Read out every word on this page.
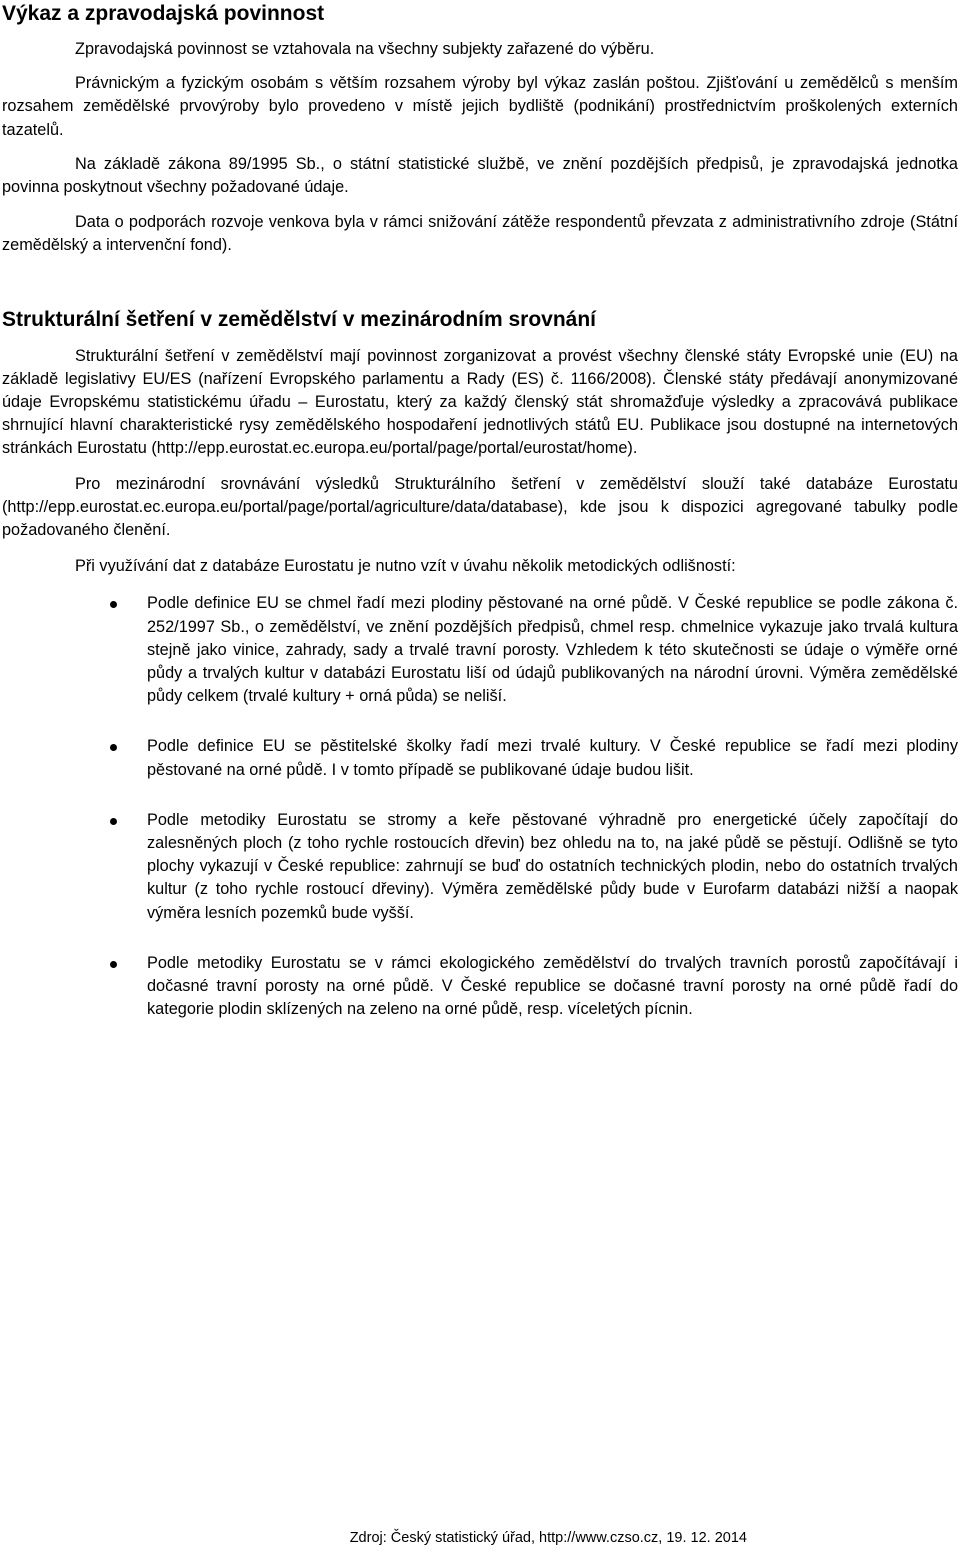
Výkaz a zpravodajská povinnost

Zpravodajská povinnost se vztahovala na všechny subjekty zařazené do výběru.

Právnickým a fyzickým osobám s větším rozsahem výroby byl výkaz zaslán poštou. Zjišťování u zemědělců s menším rozsahem zemědělské prvovýroby bylo provedeno v místě jejich bydliště (podnikání) prostřednictvím proškolených externích tazatelů.

Na základě zákona 89/1995 Sb., o státní statistické službě, ve znění pozdějších předpisů, je zpravodajská jednotka povinna poskytnout všechny požadované údaje.

Data o podporách rozvoje venkova byla v rámci snižování zátěže respondentů převzata z administrativního zdroje (Státní zemědělský a intervenční fond).

Strukturální šetření v zemědělství v mezinárodním srovnání

Strukturální šetření v zemědělství mají povinnost zorganizovat a provést všechny členské státy Evropské unie (EU) na základě legislativy EU/ES (nařízení Evropského parlamentu a Rady (ES) č. 1166/2008). Členské státy předávají anonymizované údaje Evropskému statistickému úřadu – Eurostatu, který za každý členský stát shromažďuje výsledky a zpracovává publikace shrnující hlavní charakteristické rysy zemědělského hospodaření jednotlivých států EU. Publikace jsou dostupné na internetových stránkách Eurostatu (http://epp.eurostat.ec.europa.eu/portal/page/portal/eurostat/home).

Pro mezinárodní srovnávání výsledků Strukturálního šetření v zemědělství slouží také databáze Eurostatu (http://epp.eurostat.ec.europa.eu/portal/page/portal/agriculture/data/database), kde jsou k dispozici agregované tabulky podle požadovaného členění.

Při využívání dat z databáze Eurostatu je nutno vzít v úvahu několik metodických odlišností:

Podle definice EU se chmel řadí mezi plodiny pěstované na orné půdě. V České republice se podle zákona č. 252/1997 Sb., o zemědělství, ve znění pozdějších předpisů, chmel resp. chmelnice vykazuje jako trvalá kultura stejně jako vinice, zahrady, sady a trvalé travní porosty. Vzhledem k této skutečnosti se údaje o výměře orné půdy a trvalých kultur v databázi Eurostatu liší od údajů publikovaných na národní úrovni. Výměra zemědělské půdy celkem (trvalé kultury + orná půda) se neliší.
Podle definice EU se pěstitelské školky řadí mezi trvalé kultury. V České republice se řadí mezi plodiny pěstované na orné půdě. I v tomto případě se publikované údaje budou lišit.
Podle metodiky Eurostatu se stromy a keře pěstované výhradně pro energetické účely započítají do zalesněných ploch (z toho rychle rostoucích dřevin) bez ohledu na to, na jaké půdě se pěstují. Odlišně se tyto plochy vykazují v České republice: zahrnují se buď do ostatních technických plodin, nebo do ostatních trvalých kultur (z toho rychle rostoucí dřeviny). Výměra zemědělské půdy bude v Eurofarm databázi nižší a naopak výměra lesních pozemků bude vyšší.
Podle metodiky Eurostatu se v rámci ekologického zemědělství do trvalých travních porostů započítávají i dočasné travní porosty na orné půdě. V České republice se dočasné travní porosty na orné půdě řadí do kategorie plodin sklízených na zeleno na orné půdě, resp. víceletých pícnin.
Zdroj: Český statistický úřad, http://www.czso.cz, 19. 12. 2014
